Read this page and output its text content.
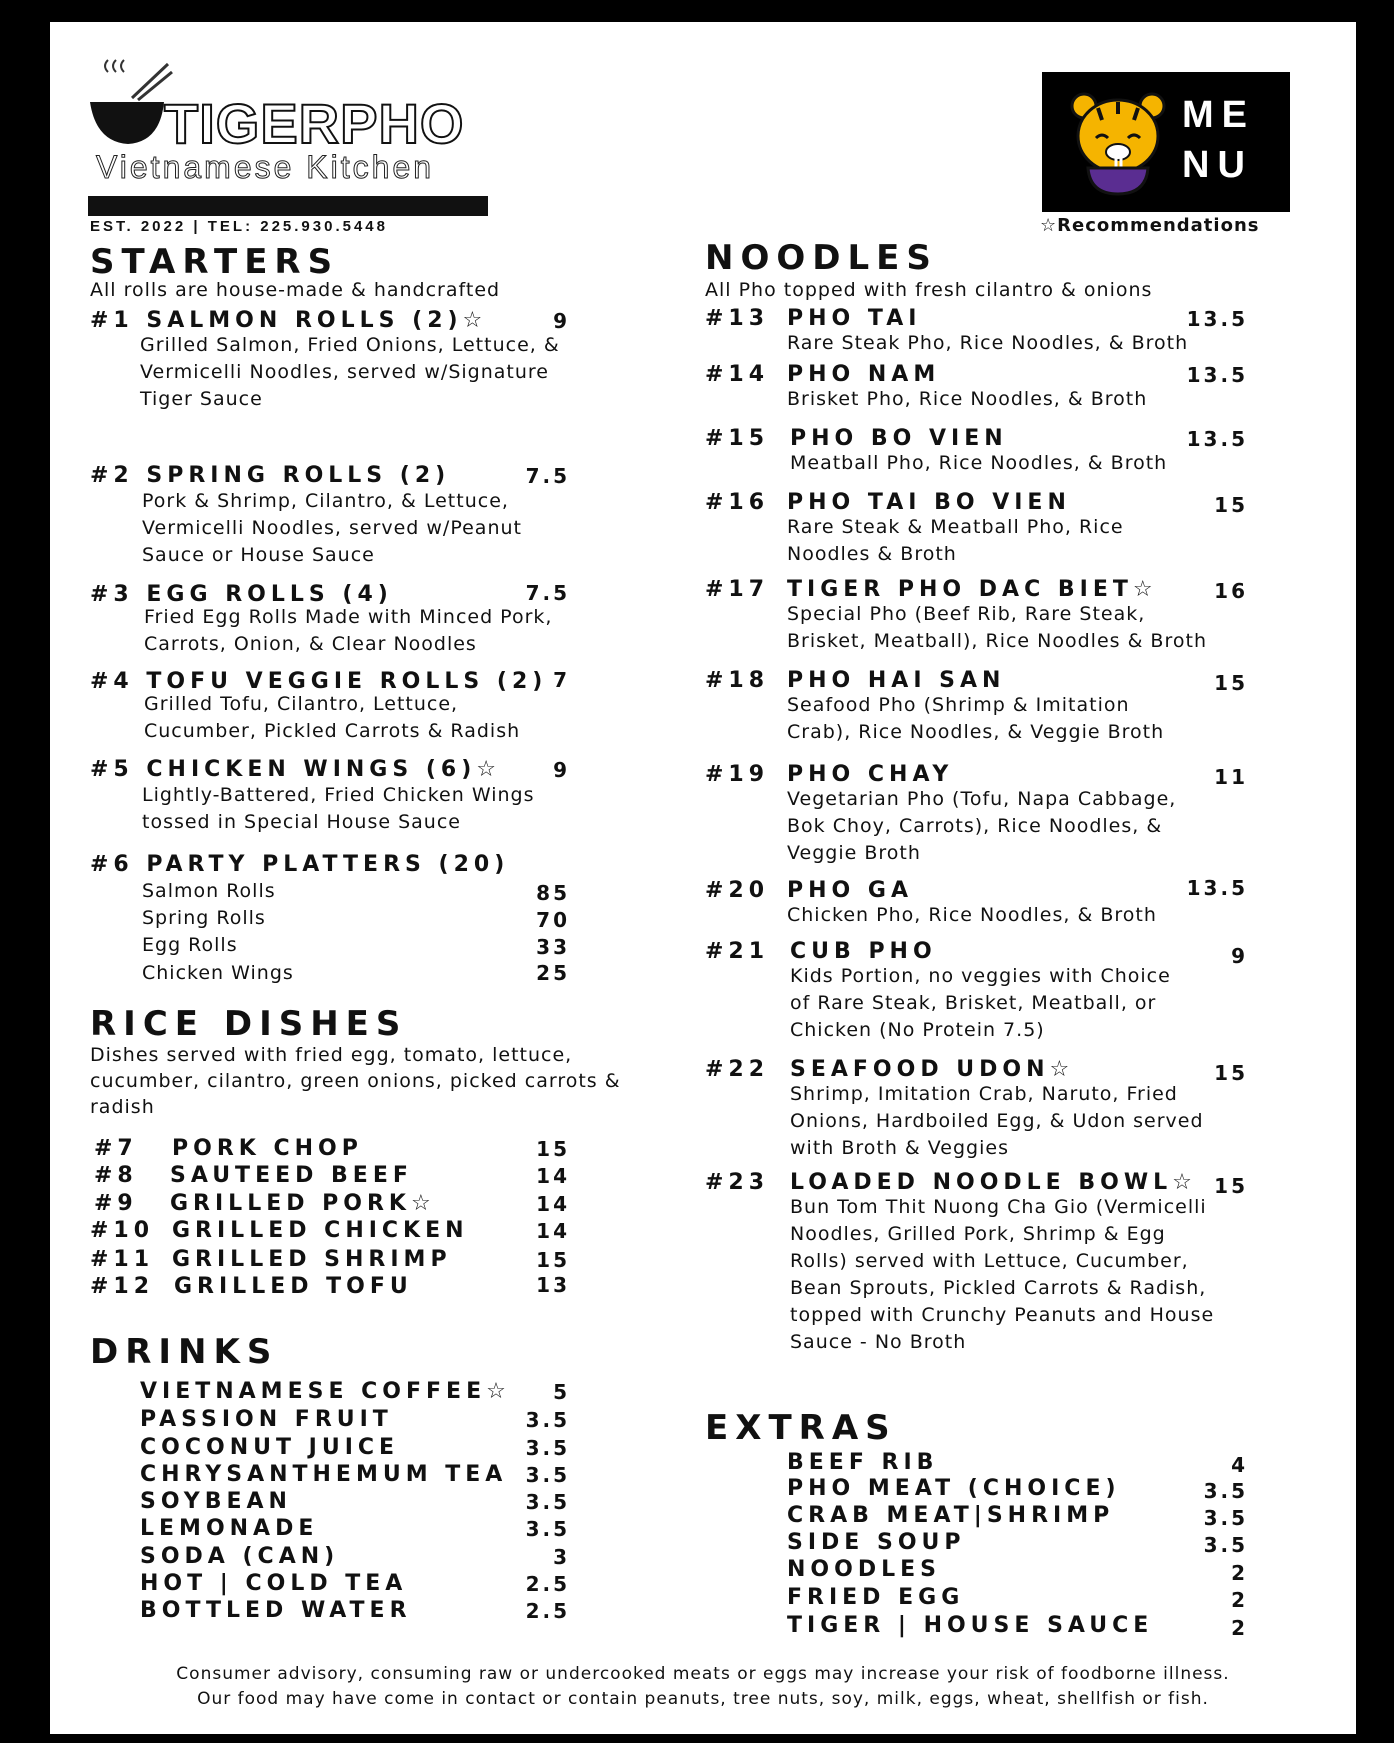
TIGERPHO
Vietnamese Kitchen
EST. 2022 | TEL: 225.930.5448
ME
NU
☆Recommendations
STARTERS
All rolls are house-made & handcrafted
#1 SALMON ROLLS (2)☆	9
Grilled Salmon, Fried Onions, Lettuce, &
Vermicelli Noodles, served w/Signature
Tiger Sauce
#2 SPRING ROLLS (2)	7.5
Pork & Shrimp, Cilantro, & Lettuce,
Vermicelli Noodles, served w/Peanut
Sauce or House Sauce
#3 EGG ROLLS (4)	7.5
Fried Egg Rolls Made with Minced Pork,
Carrots, Onion, & Clear Noodles
#4 TOFU VEGGIE ROLLS (2) 7
Grilled Tofu, Cilantro, Lettuce,
Cucumber, Pickled Carrots & Radish
#5 CHICKEN WINGS (6)☆	9
Lightly-Battered, Fried Chicken Wings
tossed in Special House Sauce
#6 PARTY PLATTERS (20)
Salmon Rolls	85
Spring Rolls	70
Egg Rolls	33
Chicken Wings	25
RICE DISHES
Dishes served with fried egg, tomato, lettuce,
cucumber, cilantro, green onions, picked carrots &
radish
#7 PORK CHOP	15
#8 SAUTEED BEEF	14
#9 GRILLED PORK☆	14
#10 GRILLED CHICKEN	14
#11 GRILLED SHRIMP	15
#12 GRILLED TOFU	13
DRINKS
VIETNAMESE COFFEE☆	5
PASSION FRUIT	3.5
COCONUT JUICE	3.5
CHRYSANTHEMUM TEA 3.5
SOYBEAN	3.5
LEMONADE	3.5
SODA (CAN)	3
HOT | COLD TEA	2.5
BOTTLED WATER	2.5
NOODLES
All Pho topped with fresh cilantro & onions
#13 PHO TAI	13.5
Rare Steak Pho, Rice Noodles, & Broth
#14 PHO NAM	13.5
Brisket Pho, Rice Noodles, & Broth
#15 PHO BO VIEN	13.5
Meatball Pho, Rice Noodles, & Broth
#16 PHO TAI BO VIEN	15
Rare Steak & Meatball Pho, Rice
Noodles & Broth
#17 TIGER PHO DAC BIET☆	16
Special Pho (Beef Rib, Rare Steak,
Brisket, Meatball), Rice Noodles & Broth
#18 PHO HAI SAN	15
Seafood Pho (Shrimp & Imitation
Crab), Rice Noodles, & Veggie Broth
#19 PHO CHAY	11
Vegetarian Pho (Tofu, Napa Cabbage,
Bok Choy, Carrots), Rice Noodles, &
Veggie Broth
#20 PHO GA	13.5
Chicken Pho, Rice Noodles, & Broth
#21 CUB PHO	9
Kids Portion, no veggies with Choice
of Rare Steak, Brisket, Meatball, or
Chicken (No Protein 7.5)
#22 SEAFOOD UDON☆	15
Shrimp, Imitation Crab, Naruto, Fried
Onions, Hardboiled Egg, & Udon served
with Broth & Veggies
#23 LOADED NOODLE BOWL☆ 15
Bun Tom Thit Nuong Cha Gio (Vermicelli
Noodles, Grilled Pork, Shrimp & Egg
Rolls) served with Lettuce, Cucumber,
Bean Sprouts, Pickled Carrots & Radish,
topped with Crunchy Peanuts and House
Sauce - No Broth
EXTRAS
BEEF RIB	4
PHO MEAT (CHOICE)	3.5
CRAB MEAT|SHRIMP	3.5
SIDE SOUP	3.5
NOODLES	2
FRIED EGG	2
TIGER | HOUSE SAUCE	2
Consumer advisory, consuming raw or undercooked meats or eggs may increase your risk of foodborne illness.
Our food may have come in contact or contain peanuts, tree nuts, soy, milk, eggs, wheat, shellfish or fish.
